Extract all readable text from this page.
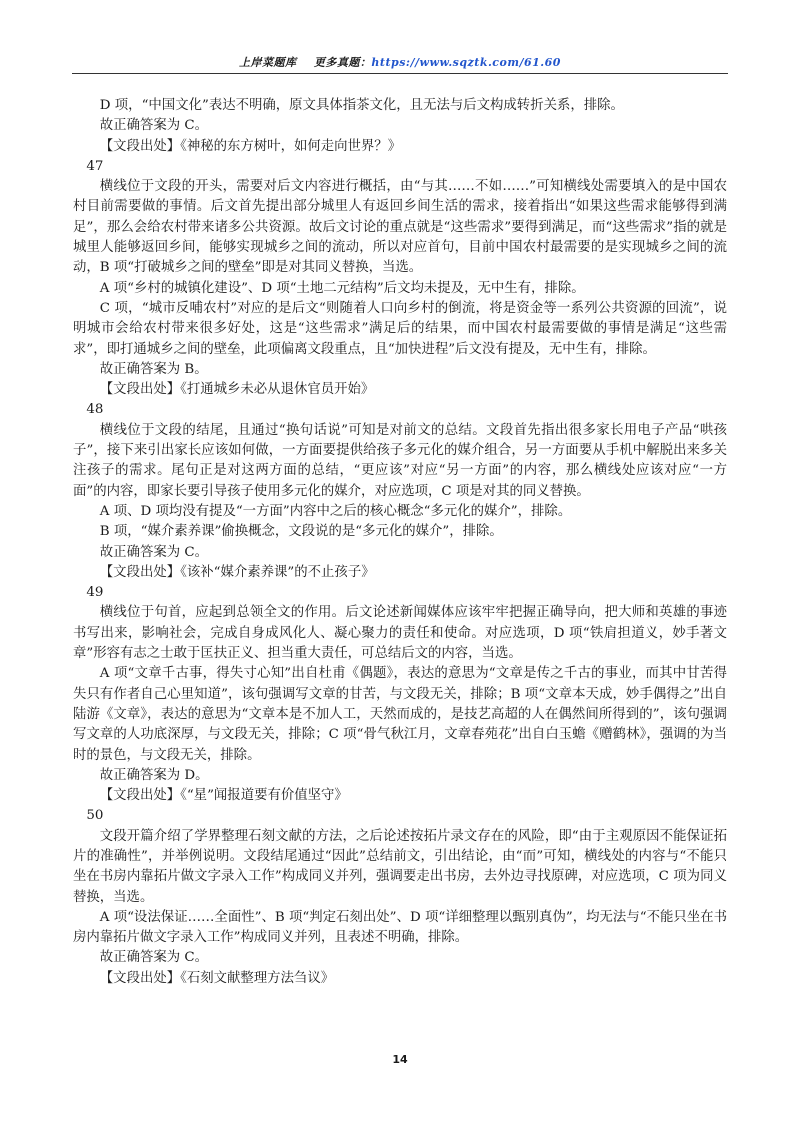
上岸菜题库 更多真题：https://www.sqztk.com/61.60

D 项，“中国文化”表达不明确，原文具体指茶文化，且无法与后文构成转折关系，排除。

故正确答案为 C。

【文段出处】《神秘的东方树叶，如何走向世界？》

47

横线位于文段的开头，需要对后文内容进行概括，由“与其……不如……”可知横线处需要填入的是中国农村目前需要做的事情。后文首先提出部分城里人有返回乡间生活的需求，接着指出“如果这些需求能够得到满足”，那么会给农村带来诸多公共资源。故后文讨论的重点就是“这些需求”要得到满足，而“这些需求”指的就是城里人能够返回乡间，能够实现城乡之间的流动，所以对应首句，目前中国农村最需要的是实现城乡之间的流动，B 项“打破城乡之间的壁垒”即是对其同义替换，当选。

A 项“乡村的城镇化建设”、D 项“土地二元结构”后文均未提及，无中生有，排除。

C 项，“城市反哺农村”对应的是后文“则随着人口向乡村的倒流，将是资金等一系列公共资源的回流”，说明城市会给农村带来很多好处，这是“这些需求”满足后的结果，而中国农村最需要做的事情是满足“这些需求”，即打通城乡之间的壁垒，此项偏离文段重点，且“加快进程”后文没有提及，无中生有，排除。

故正确答案为 B。

【文段出处】《打通城乡未必从退休官员开始》

48

横线位于文段的结尾，且通过“换句话说”可知是对前文的总结。文段首先指出很多家长用电子产品“哄孩子”，接下来引出家长应该如何做，一方面要提供给孩子多元化的媒介组合，另一方面要从手机中解脱出来多关注孩子的需求。尾句正是对这两方面的总结，“更应该”对应“另一方面”的内容，那么横线处应该对应“一方面”的内容，即家长要引导孩子使用多元化的媒介，对应选项，C 项是对其的同义替换。

A 项、D 项均没有提及“一方面”内容中之后的核心概念“多元化的媒介”，排除。

B 项，“媒介素养课”偷换概念，文段说的是“多元化的媒介”，排除。

故正确答案为 C。

【文段出处】《该补“媒介素养课”的不止孩子》

49

横线位于句首，应起到总领全文的作用。后文论述新闻媒体应该牢牢把握正确导向，把大师和英雄的事迹书写出来，影响社会，完成自身成风化人、凝心聚力的责任和使命。对应选项，D 项“铁肩担道义，妙手著文章”形容有志之士敢于匡扶正义、担当重大责任，可总结后文的内容，当选。

A 项“文章千古事，得失寸心知”出自杜甫《偶题》，表达的意思为“文章是传之千古的事业，而其中甘苦得失只有作者自己心里知道”，该句强调写文章的甘苦，与文段无关，排除；B 项“文章本天成，妙手偶得之”出自陆游《文章》，表达的意思为“文章本是不加人工，天然而成的，是技艺高超的人在偶然间所得到的”，该句强调写文章的人功底深厚，与文段无关，排除；C 项“骨气秋江月，文章春苑花”出自白玉蟾《赠鹤林》，强调的为当时的景色，与文段无关，排除。

故正确答案为 D。

【文段出处】《“星”闻报道要有价值坚守》

50

文段开篇介绍了学界整理石刻文献的方法，之后论述按拓片录文存在的风险，即“由于主观原因不能保证拓片的准确性”，并举例说明。文段结尾通过“因此”总结前文，引出结论，由“而”可知，横线处的内容与“不能只坐在书房内靠拓片做文字录入工作”构成同义并列，强调要走出书房，去外边寻找原碑，对应选项，C 项为同义替换，当选。

A 项“设法保证……全面性”、B 项“判定石刻出处”、D 项“详细整理以甄别真伪”，均无法与“不能只坐在书房内靠拓片做文字录入工作”构成同义并列，且表述不明确，排除。

故正确答案为 C。

【文段出处】《石刻文献整理方法刍议》

14
